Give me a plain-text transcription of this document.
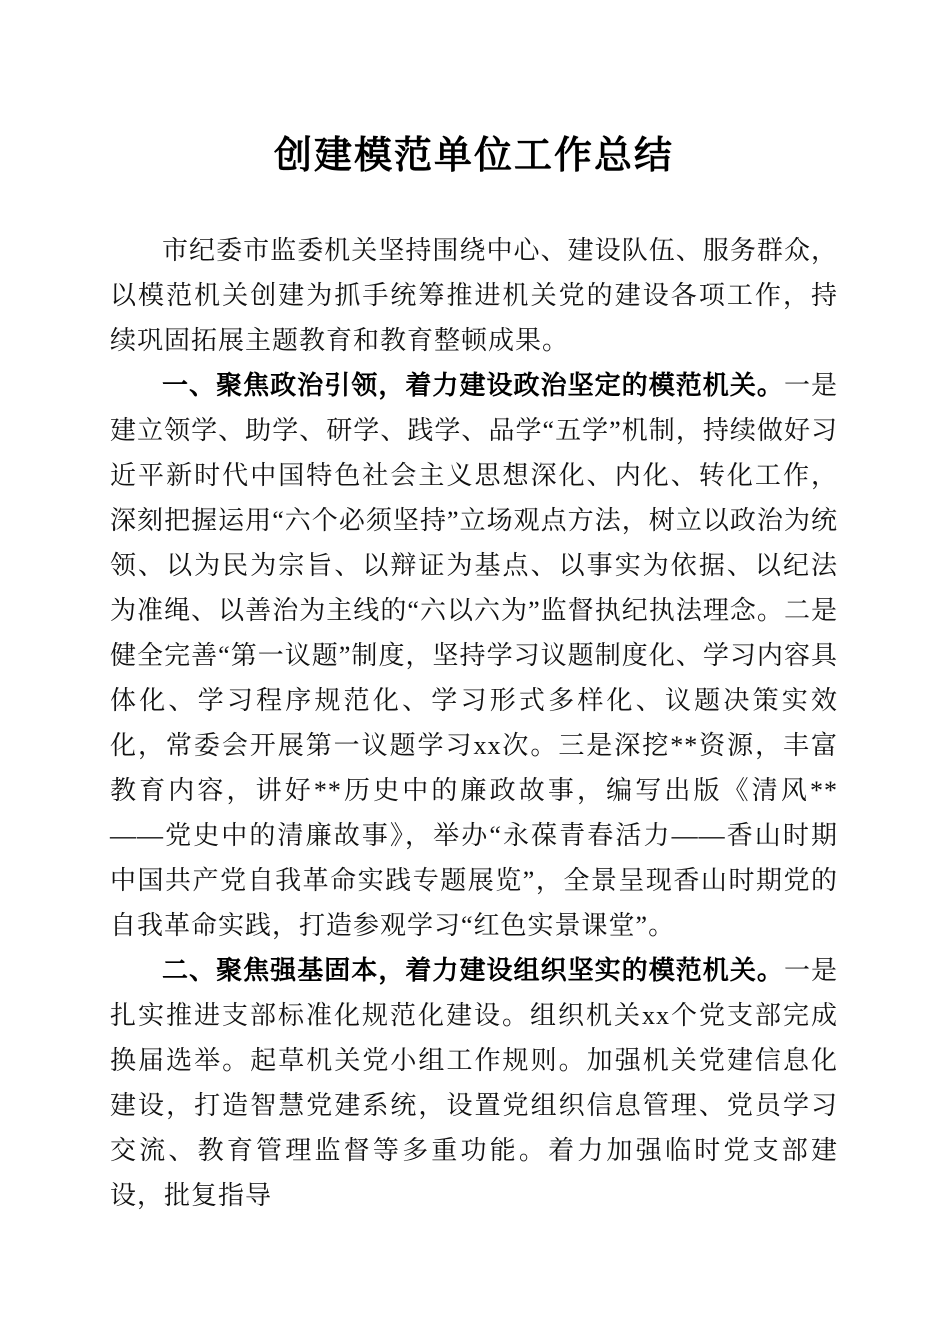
创建模范单位工作总结

市纪委市监委机关坚持围绕中心、建设队伍、服务群众，以模范机关创建为抓手统筹推进机关党的建设各项工作，持续巩固拓展主题教育和教育整顿成果。

一、聚焦政治引领，着力建设政治坚定的模范机关。一是建立领学、助学、研学、践学、品学“五学”机制，持续做好习近平新时代中国特色社会主义思想深化、内化、转化工作，深刻把握运用“六个必须坚持”立场观点方法，树立以政治为统领、以为民为宗旨、以辩证为基点、以事实为依据、以纪法为准绳、以善治为主线的“六以六为”监督执纪执法理念。二是健全完善“第一议题”制度，坚持学习议题制度化、学习内容具体化、学习程序规范化、学习形式多样化、议题决策实效化，常委会开展第一议题学习xx次。三是深挖**资源，丰富教育内容，讲好**历史中的廉政故事，编写出版《清风**——党史中的清廉故事》，举办“永葆青春活力——香山时期中国共产党自我革命实践专题展览”，全景呈现香山时期党的自我革命实践，打造参观学习“红色实景课堂”。

二、聚焦强基固本，着力建设组织坚实的模范机关。一是扎实推进支部标准化规范化建设。组织机关xx个党支部完成换届选举。起草机关党小组工作规则。加强机关党建信息化建设，打造智慧党建系统，设置党组织信息管理、党员学习交流、教育管理监督等多重功能。着力加强临时党支部建设，批复指导
